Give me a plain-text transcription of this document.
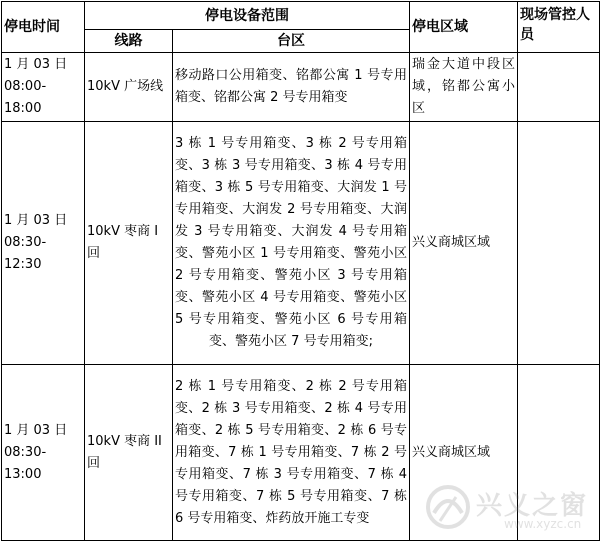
停电时间	停电设备范围		停电区域	现场管控人员
	线路	台区		
1 月 03 日
08:00-18:00	10kV 广场线	移动路口公用箱变、铭都公寓 1 号专用箱变、铭都公寓 2 号专用箱变	瑞金大道中段区域，铭都公寓小区	
1 月 03 日
08:30-12:30	10kV 枣商 I 回	3 栋 1 号专用箱变、3 栋 2 号专用箱变、3 栋 3 号专用箱变、3 栋 4 号专用箱变、3 栋 5 号专用箱变、大润发 1 号专用箱变、大润发 2 号专用箱变、大润发 3 号专用箱变、大润发 4 号专用箱变、警苑小区 1 号专用箱变、警苑小区 2 号专用箱变、警苑小区 3 号专用箱变、警苑小区 4 号专用箱变、警苑小区 5 号专用箱变、警苑小区 6 号专用箱变、警苑小区 7 号专用箱变;	兴义商城区域	
1 月 03 日
08:30-13:00	10kV 枣商 II 回	2 栋 1 号专用箱变、2 栋 2 号专用箱变、2 栋 3 号专用箱变、2 栋 4 号专用箱变、2 栋 5 号专用箱变、2 栋 6 号专用箱变、7 栋 1 号专用箱变、7 栋 2 号专用箱变、7 栋 3 号专用箱变、7 栋 4 号专用箱变、7 栋 5 号专用箱变、7 栋 6 号专用箱变、炸药放开施工专变	兴义商城区域	
兴义之窗
www.xyzc.cn
